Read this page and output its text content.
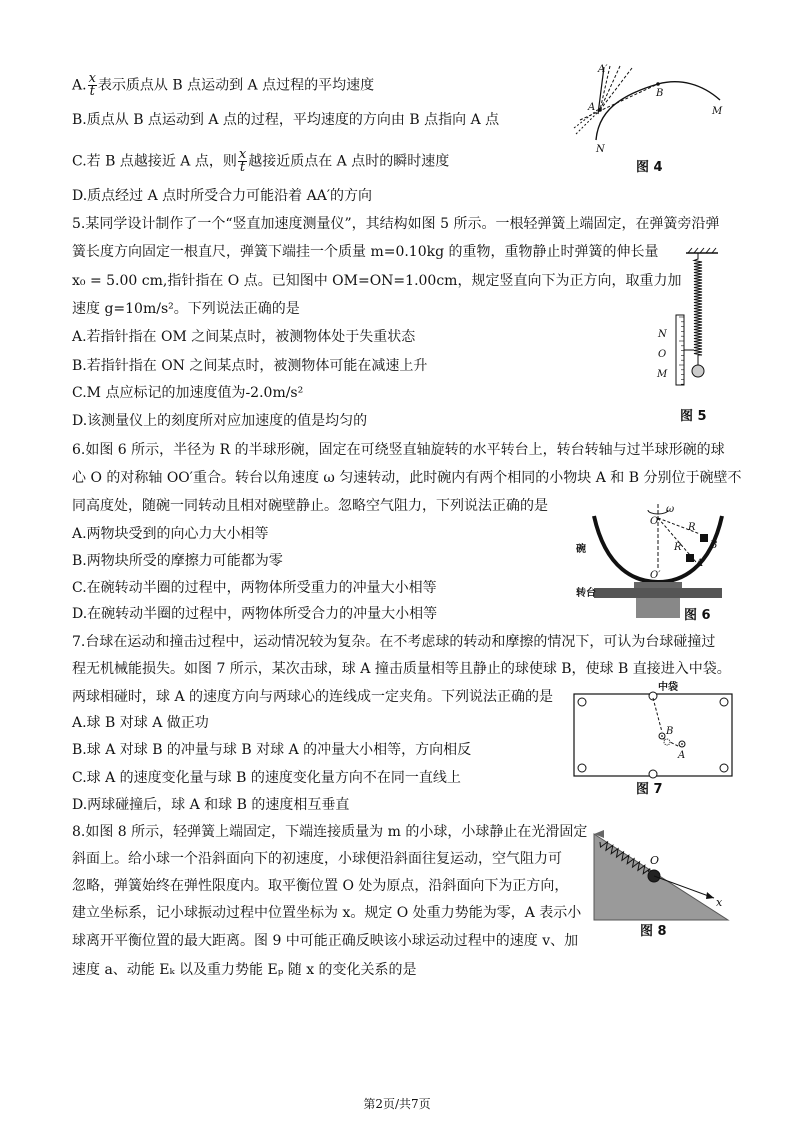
A. $\frac{x}{t}$ 表示质点从 B 点运动到 A 点过程的平均速度
B.质点从 B 点运动到 A 点的过程，平均速度的方向由 B 点指向 A 点
C.若 B 点越接近 A 点，则 $\frac{x}{t}$ 越接近质点在 A 点时的瞬时速度
D.质点经过 A 点时所受合力可能沿着 AA′的方向
5.某同学设计制作了一个“竖直加速度测量仪”，其结构如图 5 所示。一根轻弹簧上端固定，在弹簧旁沿弹
簧长度方向固定一根直尺，弹簧下端挂一个质量 m=0.10kg 的重物，重物静止时弹簧的伸长量
x₀ = 5.00 cm,指针指在 O 点。已知图中 OM=ON=1.00cm，规定竖直向下为正方向，取重力加
速度 g=10m/s²。下列说法正确的是
A.若指针指在 OM 之间某点时，被测物体处于失重状态
B.若指针指在 ON 之间某点时，被测物体可能在减速上升
C.M 点应标记的加速度值为-2.0m/s²
D.该测量仪上的刻度所对应加速度的值是均匀的
6.如图 6 所示，半径为 R 的半球形碗，固定在可绕竖直轴旋转的水平转台上，转台转轴与过半球形碗的球
心 O 的对称轴 OO′重合。转台以角速度 ω 匀速转动，此时碗内有两个相同的小物块 A 和 B 分别位于碗壁不
同高度处，随碗一同转动且相对碗壁静止。忽略空气阻力，下列说法正确的是
A.两物块受到的向心力大小相等
B.两物块所受的摩擦力可能都为零
C.在碗转动半圈的过程中，两物体所受重力的冲量大小相等
D.在碗转动半圈的过程中，两物体所受合力的冲量大小相等
7.台球在运动和撞击过程中，运动情况较为复杂。在不考虑球的转动和摩擦的情况下，可认为台球碰撞过
程无机械能损失。如图 7 所示，某次击球，球 A 撞击质量相等且静止的球使球 B，使球 B 直接进入中袋。
两球相碰时，球 A 的速度方向与两球心的连线成一定夹角。下列说法正确的是
A.球 B 对球 A 做正功
B.球 A 对球 B 的冲量与球 B 对球 A 的冲量大小相等，方向相反
C.球 A 的速度变化量与球 B 的速度变化量方向不在同一直线上
D.两球碰撞后，球 A 和球 B 的速度相互垂直
8.如图 8 所示，轻弹簧上端固定，下端连接质量为 m 的小球，小球静止在光滑固定
斜面上。给小球一个沿斜面向下的初速度，小球便沿斜面往复运动，空气阻力可
忽略，弹簧始终在弹性限度内。取平衡位置 O 处为原点，沿斜面向下为正方向，
建立坐标系，记小球振动过程中位置坐标为 x。规定 O 处重力势能为零，A 表示小
球离开平衡位置的最大距离。图 9 中可能正确反映该小球运动过程中的速度 v、加
速度 a、动能 Eₖ 以及重力势能 Eₚ 随 x 的变化关系的是
A′
A
B
M
N
图 4
N
O
M
图 5
ω
O
R
R	B
A
O′
碗
转台
图 6
B
A
中袋
图 7
O
x
图 8
第2页/共7页
